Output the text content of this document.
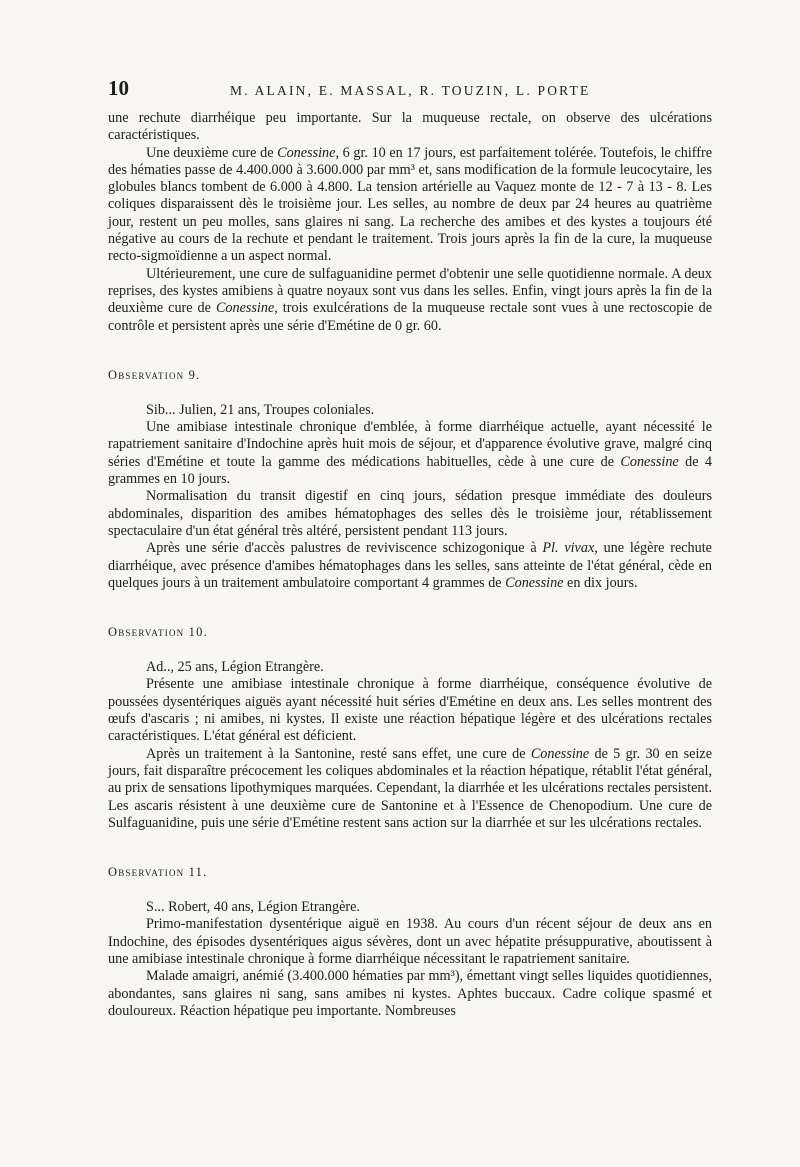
10	M. ALAIN, E. MASSAL, R. TOUZIN, L. PORTE

une rechute diarrhéique peu importante. Sur la muqueuse rectale, on observe des ulcérations caractéristiques.

Une deuxième cure de Conessine, 6 gr. 10 en 17 jours, est parfaitement tolérée. Toutefois, le chiffre des hématies passe de 4.400.000 à 3.600.000 par mm³ et, sans modification de la formule leucocytaire, les globules blancs tombent de 6.000 à 4.800. La tension artérielle au Vaquez monte de 12 - 7 à 13 - 8. Les coliques disparaissent dès le troisième jour. Les selles, au nombre de deux par 24 heures au quatrième jour, restent un peu molles, sans glaires ni sang. La recherche des amibes et des kystes a toujours été négative au cours de la rechute et pendant le traitement. Trois jours après la fin de la cure, la muqueuse recto-sigmoïdienne a un aspect normal.

Ultérieurement, une cure de sulfaguanidine permet d'obtenir une selle quotidienne normale. A deux reprises, des kystes amibiens à quatre noyaux sont vus dans les selles. Enfin, vingt jours après la fin de la deuxième cure de Conessine, trois exulcérations de la muqueuse rectale sont vues à une rectoscopie de contrôle et persistent après une série d'Emétine de 0 gr. 60.

Observation 9.

Sib... Julien, 21 ans, Troupes coloniales.

Une amibiase intestinale chronique d'emblée, à forme diarrhéique actuelle, ayant nécessité le rapatriement sanitaire d'Indochine après huit mois de séjour, et d'apparence évolutive grave, malgré cinq séries d'Emétine et toute la gamme des médications habituelles, cède à une cure de Conessine de 4 grammes en 10 jours.

Normalisation du transit digestif en cinq jours, sédation presque immédiate des douleurs abdominales, disparition des amibes hématophages des selles dès le troisième jour, rétablissement spectaculaire d'un état général très altéré, persistent pendant 113 jours.

Après une série d'accès palustres de reviviscence schizogonique à Pl. vivax, une légère rechute diarrhéique, avec présence d'amibes hématophages dans les selles, sans atteinte de l'état général, cède en quelques jours à un traitement ambulatoire comportant 4 grammes de Conessine en dix jours.

Observation 10.

Ad.., 25 ans, Légion Etrangère.

Présente une amibiase intestinale chronique à forme diarrhéique, conséquence évolutive de poussées dysentériques aiguës ayant nécessité huit séries d'Emétine en deux ans. Les selles montrent des œufs d'ascaris ; ni amibes, ni kystes. Il existe une réaction hépatique légère et des ulcérations rectales caractéristiques. L'état général est déficient.

Après un traitement à la Santonine, resté sans effet, une cure de Conessine de 5 gr. 30 en seize jours, fait disparaître précocement les coliques abdominales et la réaction hépatique, rétablit l'état général, au prix de sensations lipothymiques marquées. Cependant, la diarrhée et les ulcérations rectales persistent. Les ascaris résistent à une deuxième cure de Santonine et à l'Essence de Chenopodium. Une cure de Sulfaguanidine, puis une série d'Emétine restent sans action sur la diarrhée et sur les ulcérations rectales.

Observation 11.

S... Robert, 40 ans, Légion Etrangère.

Primo-manifestation dysentérique aiguë en 1938. Au cours d'un récent séjour de deux ans en Indochine, des épisodes dysentériques aigus sévères, dont un avec hépatite présuppurative, aboutissent à une amibiase intestinale chronique à forme diarrhéique nécessitant le rapatriement sanitaire.

Malade amaigri, anémié (3.400.000 hématies par mm³), émettant vingt selles liquides quotidiennes, abondantes, sans glaires ni sang, sans amibes ni kystes. Aphtes buccaux. Cadre colique spasmé et douloureux. Réaction hépatique peu importante. Nombreuses
